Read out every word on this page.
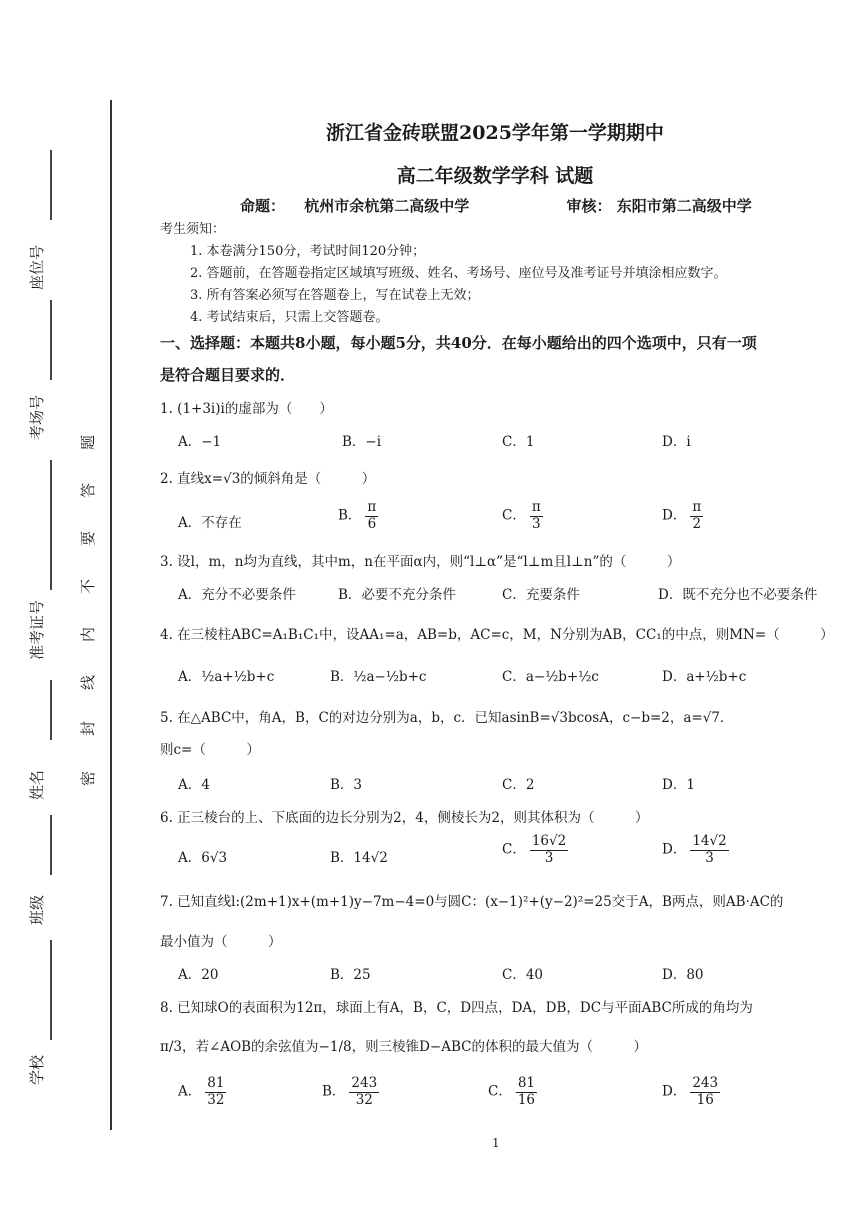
座位号
考场号
准考证号
姓名
班级
学校
密
封
线
内
不
要
答
题
浙江省金砖联盟2025学年第一学期期中
高二年级数学学科 试题
命题： 杭州市余杭第二高级中学	审核： 东阳市第二高级中学
考生须知：
1. 本卷满分150分，考试时间120分钟；
2. 答题前，在答题卷指定区域填写班级、姓名、考场号、座位号及准考证号并填涂相应数字。
3. 所有答案必须写在答题卷上，写在试卷上无效；
4. 考试结束后，只需上交答题卷。
一、选择题：本题共8小题，每小题5分，共40分．在每小题给出的四个选项中，只有一项
是符合题目要求的．
1. (1+3i)i的虚部为（　　）
A．−1	B．−i	C．1	D．i
2. 直线x=√3的倾斜角是（　　　）
A．不存在	B． $\frac{\pi}{6}$	C． $\frac{\pi}{3}$	D． $\frac{\pi}{2}$
3. 设l，m，n均为直线，其中m，n在平面α内，则“l⊥α”是“l⊥m且l⊥n”的（　　　）
A．充分不必要条件	B．必要不充分条件	C．充要条件	D．既不充分也不必要条件
4. 在三棱柱ABC=A₁B₁C₁中，设AA₁=a，AB=b，AC=c，M，N分别为AB，CC₁的中点，则MN=（　　　）
A．½a+½b+c	B．½a−½b+c	C．a−½b+½c	D．a+½b+c
5. 在△ABC中，角A，B，C的对边分别为a，b，c．已知asinB=√3bcosA，c−b=2，a=√7．
则c=（　　　）
A．4	B．3	C．2	D．1
6. 正三棱台的上、下底面的边长分别为2，4，侧棱长为2，则其体积为（　　　）
A．6√3	B．14√2
C． $\frac{16√2}{3}$	D． $\frac{14√2}{3}$
7. 已知直线l:(2m+1)x+(m+1)y−7m−4=0与圆C：(x−1)²+(y−2)²=25交于A，B两点，则AB·AC的
最小值为（　　　）
A．20	B．25	C．40	D．80
8. 已知球O的表面积为12π，球面上有A，B，C，D四点，DA，DB，DC与平面ABC所成的角均为
π/3，若∠AOB的余弦值为−1/8，则三棱锥D−ABC的体积的最大值为（　　　）
A． $\frac{81}{32}$	B． $\frac{243}{32}$	C． $\frac{81}{16}$	D． $\frac{243}{16}$
1
